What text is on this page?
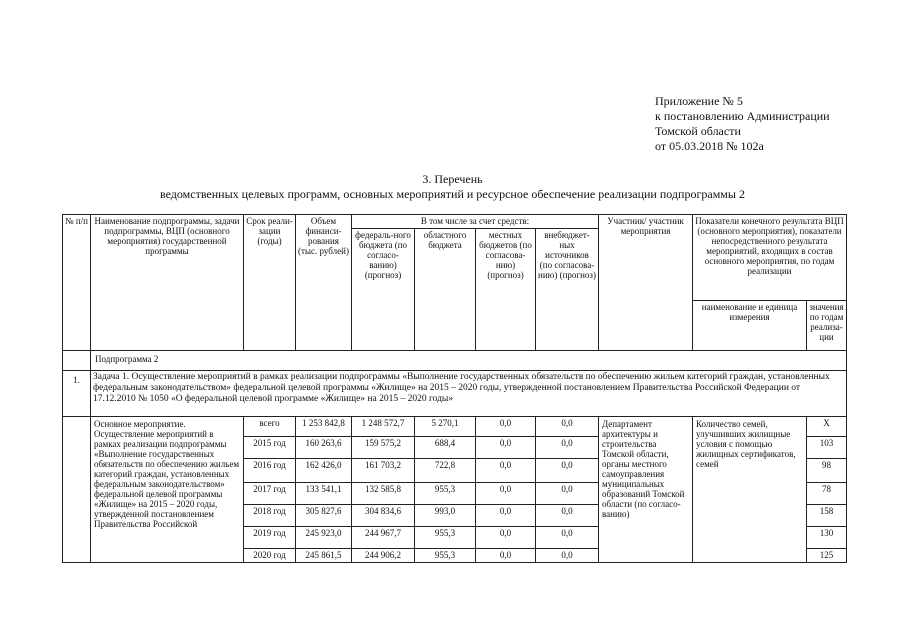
Приложение № 5
к постановлению Администрации
Томской области
от 05.03.2018 № 102а
3. Перечень
ведомственных целевых программ, основных мероприятий и ресурсное обеспечение реализации подпрограммы 2
№ п/п	Наименование подпрограммы, задачи подпрограммы, ВЦП (основного мероприятия) государственной программы	Срок реали-зации (годы)	Объем финанси-рования (тыс. рублей)	В том числе за счет средств:				Участник/ участник мероприятия	Показатели конечного результата ВЦП (основного мероприятия), показатели непосредственного результата мероприятий, входящих в состав основного мероприятия, по годам реализации	
				федераль-ного бюджета (по согласо-ванию) (прогноз)	областного бюджета	местных бюджетов (по согласова-нию) (прогноз)	внебюджет-ных источников (по согласова-нию) (прогноз)			
									наименование и единица измерения	значения по годам реализа-ции
	Подпрограмма 2									
1.	Задача 1. Осуществление мероприятий в рамках реализации подпрограммы «Выполнение государственных обязательств по обеспечению жильем категорий граждан, установленных федеральным законодательством» федеральной целевой программы «Жилище» на 2015 – 2020 годы, утвержденной постановлением Правительства Российской Федерации от 17.12.2010 № 1050 «О федеральной целевой программе «Жилище» на 2015 – 2020 годы»									

	Основное мероприятие. Осуществление мероприятий в рамках реализации подпрограммы «Выполнение государственных обязательств по обеспечению жильем категорий граждан, установленных федеральным законодательством» федеральной целевой программы «Жилище» на 2015 – 2020 годы, утвержденной постановлением Правительства Российской	всего	1 253 842,8	1 248 572,7	5 270,1	0,0	0,0	Департамент архитектуры и строительства Томской области, органы местного самоуправления муниципальных образований Томской области (по согласо-ванию)	Количество семей, улучшивших жилищные условия с помощью жилищных сертификатов, семей	Х
		2015 год	160 263,6	159 575,2	688,4	0,0	0,0			103
		2016 год	162 426,0	161 703,2	722,8	0,0	0,0			98
		2017 год	133 541,1	132 585,8	955,3	0,0	0,0			78
		2018 год	305 827,6	304 834,6	993,0	0,0	0,0			158
		2019 год	245 923,0	244 967,7	955,3	0,0	0,0			130
		2020 год	245 861,5	244 906,2	955,3	0,0	0,0			125
